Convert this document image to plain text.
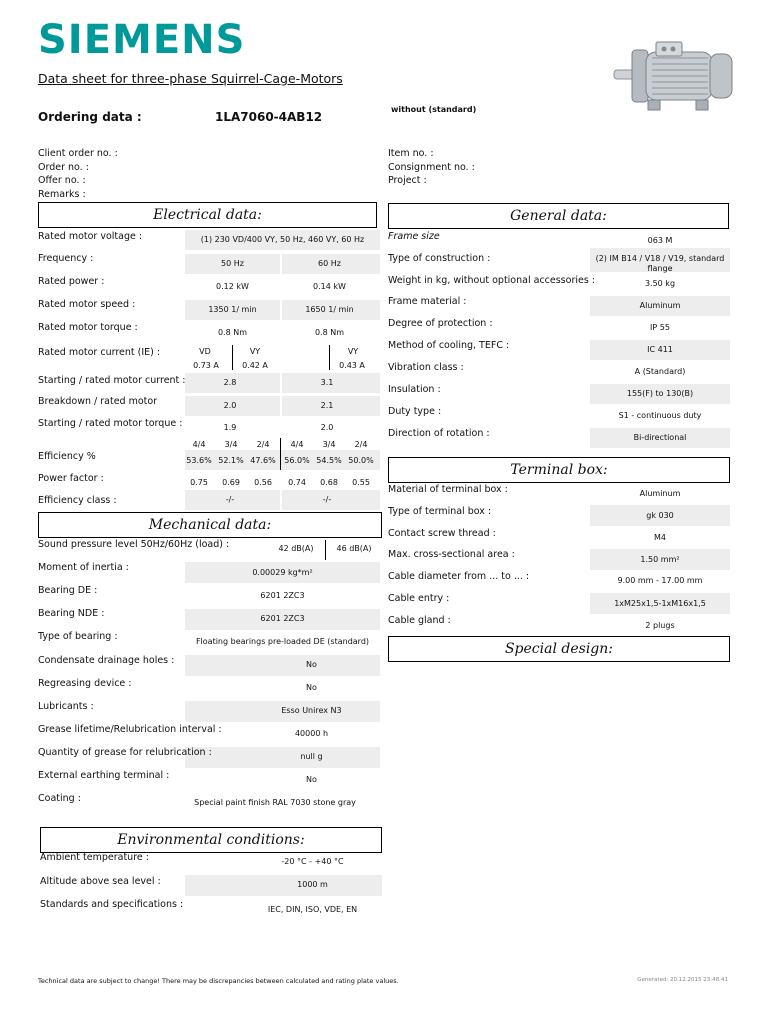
SIEMENS
Data sheet for three-phase Squirrel-Cage-Motors
Ordering data :	1LA7060-4AB12
without (standard)
Client order no. :
Order no. :
Offer no. :
Remarks :
Item no. :
Consignment no. :
Project :
Electrical data:
Rated motor voltage :	(1) 230 VD/400 VY, 50 Hz, 460 VY, 60 Hz
Frequency :	50 Hz	60 Hz
Rated power :	0.12 kW	0.14 kW
Rated motor speed :	1350 1/ min	1650 1/ min
Rated motor torque :	0.8 Nm	0.8 Nm
Rated motor current (IE) :	VD	VY	VY
0.73 A	0.42 A	0.43 A
Starting / rated motor current :	2.8	3.1
Breakdown / rated motor	2.0	2.1
Starting / rated motor torque :	1.9	2.0
4/4	3/4	2/4	4/4	3/4	2/4
Efficiency %	53.6% 52.1% 47.6%	56.0% 54.5% 50.0%
Power factor :	0.75	0.69	0.56	0.74	0.68	0.55
Efficiency class :	-/-	-/-
Mechanical data:
Sound pressure level 50Hz/60Hz (load) :	42 dB(A)	46 dB(A)
Moment of inertia :	0.00029 kg*m²
Bearing DE :	6201 2ZC3
Bearing NDE :	6201 2ZC3
Type of bearing :	Floating bearings pre-loaded DE (standard)
Condensate drainage holes :	No
Regreasing device :	No
Lubricants :	Esso Unirex N3
Grease lifetime/Relubrication interval :	40000 h
Quantity of grease for relubrication :	null g
External earthing terminal :	No
Coating :	Special paint finish RAL 7030 stone gray
Environmental conditions:
Ambient temperature :	-20 °C - +40 °C
Altitude above sea level :	1000 m
Standards and specifications :	IEC, DIN, ISO, VDE, EN
General data:
Frame size	063 M
Type of construction :	(2) IM B14 / V18 / V19, standard
flange
Weight in kg, without optional accessories :	3.50 kg
Frame material :	Aluminum
Degree of protection :	IP 55
Method of cooling, TEFC :	IC 411
Vibration class :	A (Standard)
Insulation :	155(F) to 130(B)
Duty type :	S1 - continuous duty
Direction of rotation :	Bi-directional
Terminal box:
Material of terminal box :	Aluminum
Type of terminal box :	gk 030
Contact screw thread :	M4
Max. cross-sectional area :	1.50 mm²
Cable diameter from ... to ... :	9.00 mm - 17.00 mm
Cable entry :	1xM25x1,5-1xM16x1,5
Cable gland :	2 plugs
Special design:
Technical data are subject to change! There may be discrepancies between calculated and rating plate values.	Generated: 20.12.2015 23:48:41
